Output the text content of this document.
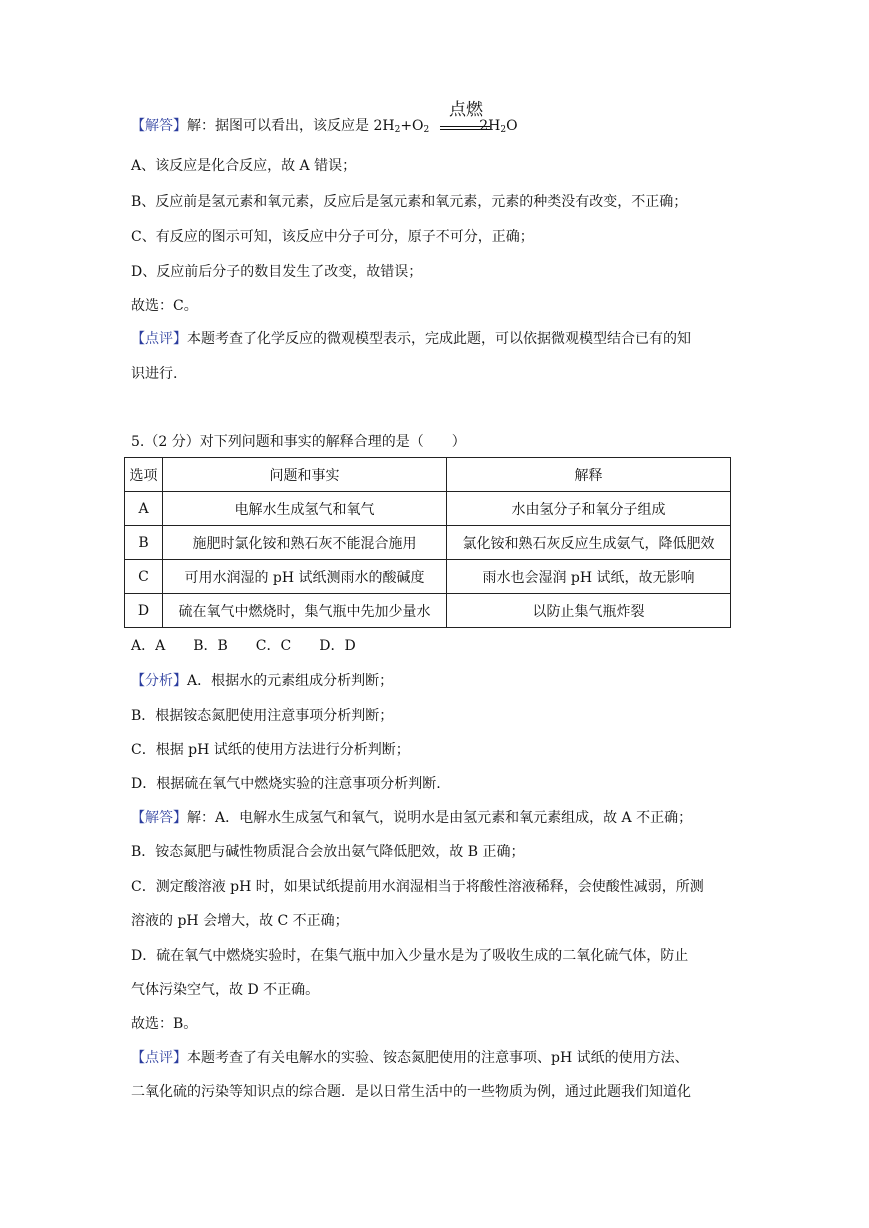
【解答】解：据图可以看出，该反应是 $2H_2+O_2$	$2H_2O$
点燃
A、该反应是化合反应，故 A 错误；
B、反应前是氢元素和氧元素，反应后是氢元素和氧元素，元素的种类没有改变，不正确；
C、有反应的图示可知，该反应中分子可分，原子不可分，正确；
D、反应前后分子的数目发生了改变，故错误；
故选：C。
【点评】本题考查了化学反应的微观模型表示，完成此题，可以依据微观模型结合已有的知
识进行.
5.（2 分）对下列问题和事实的解释合理的是（　　）
选项	问题和事实	解释
A	电解水生成氢气和氧气	水由氢分子和氧分子组成
B	施肥时氯化铵和熟石灰不能混合施用	氯化铵和熟石灰反应生成氨气，降低肥效
C	可用水润湿的 pH 试纸测雨水的酸碱度	雨水也会湿润 pH 试纸，故无影响
D	硫在氧气中燃烧时，集气瓶中先加少量水	以防止集气瓶炸裂
A．A　　B．B　　C．C　　D．D
【分析】A．根据水的元素组成分析判断；
B．根据铵态氮肥使用注意事项分析判断；
C．根据 pH 试纸的使用方法进行分析判断；
D．根据硫在氧气中燃烧实验的注意事项分析判断.
【解答】解：A．电解水生成氢气和氧气，说明水是由氢元素和氧元素组成，故 A 不正确；
B．铵态氮肥与碱性物质混合会放出氨气降低肥效，故 B 正确；
C．测定酸溶液 pH 时，如果试纸提前用水润湿相当于将酸性溶液稀释，会使酸性减弱，所测
溶液的 pH 会增大，故 C 不正确；
D．硫在氧气中燃烧实验时，在集气瓶中加入少量水是为了吸收生成的二氧化硫气体，防止
气体污染空气，故 D 不正确。
故选：B。
【点评】本题考查了有关电解水的实验、铵态氮肥使用的注意事项、pH 试纸的使用方法、
二氧化硫的污染等知识点的综合题．是以日常生活中的一些物质为例，通过此题我们知道化
